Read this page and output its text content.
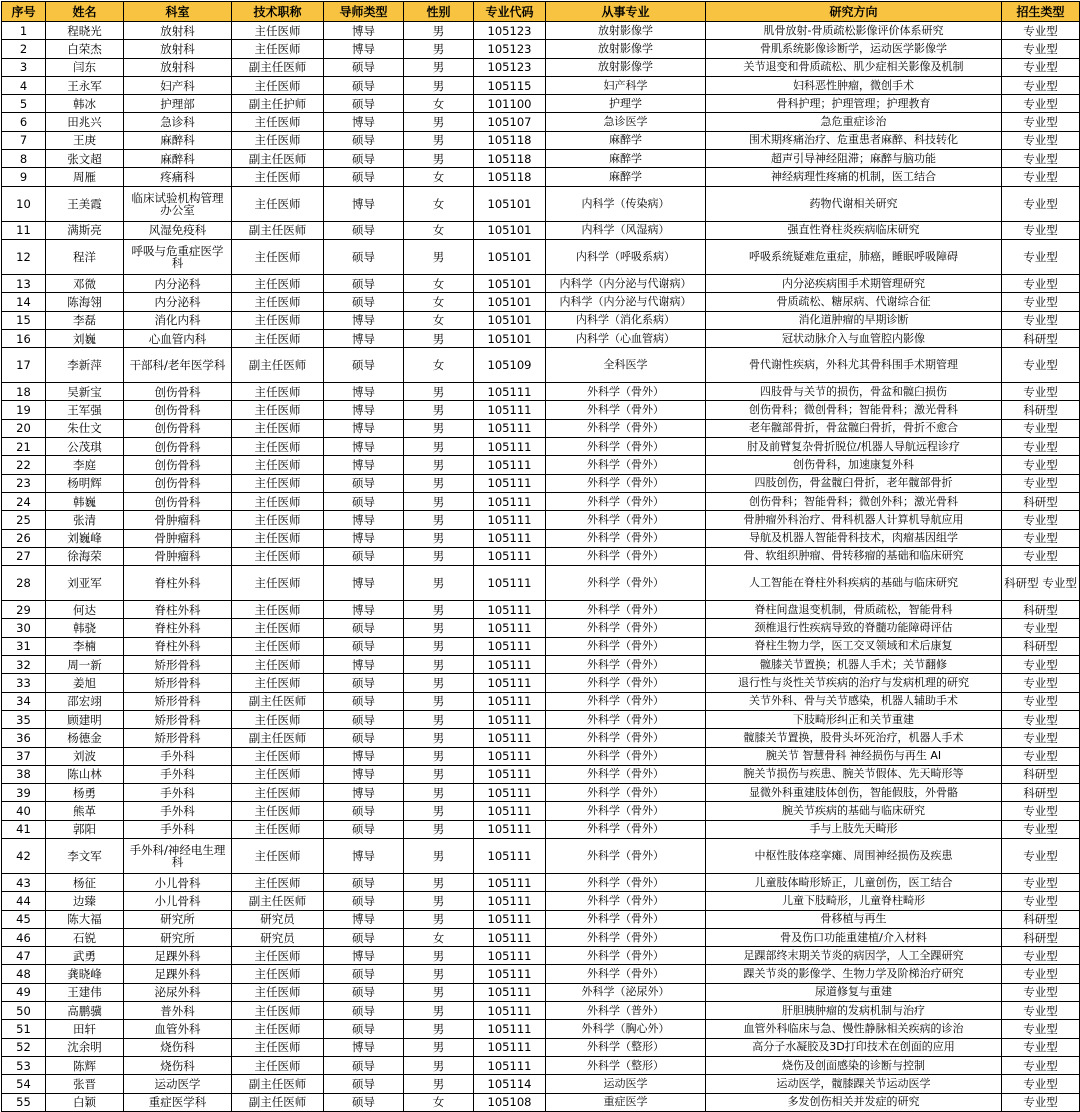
序号	姓名	科室	技术职称	导师类型	性别	专业代码	从事专业	研究方向	招生类型
1	程晓光	放射科	主任医师	博导	男	105123	放射影像学	肌骨放射-骨质疏松影像评价体系研究	专业型
2	白荣杰	放射科	主任医师	博导	男	105123	放射影像学	骨肌系统影像诊断学，运动医学影像学	专业型
3	闫东	放射科	副主任医师	硕导	男	105123	放射影像学	关节退变和骨质疏松、肌少症相关影像及机制	专业型
4	王永军	妇产科	主任医师	硕导	男	105115	妇产科学	妇科恶性肿瘤，微创手术	专业型
5	韩冰	护理部	副主任护师	硕导	女	101100	护理学	骨科护理；护理管理；护理教育	专业型
6	田兆兴	急诊科	主任医师	博导	男	105107	急诊医学	急危重症诊治	专业型
7	王庚	麻醉科	主任医师	硕导	男	105118	麻醉学	围术期疼痛治疗、危重患者麻醉、科技转化	专业型
8	张文超	麻醉科	副主任医师	硕导	男	105118	麻醉学	超声引导神经阻滞；麻醉与脑功能	专业型
9	周雁	疼痛科	主任医师	硕导	女	105118	麻醉学	神经病理性疼痛的机制，医工结合	专业型
10	王美霞	临床试验机构管理办公室	主任医师	博导	女	105101	内科学（传染病）	药物代谢相关研究	专业型
11	满斯亮	风湿免疫科	副主任医师	硕导	女	105101	内科学（风湿病）	强直性脊柱炎疾病临床研究	专业型
12	程洋	呼吸与危重症医学科	主任医师	硕导	男	105101	内科学（呼吸系病）	呼吸系统疑难危重症，肺癌，睡眠呼吸障碍	专业型
13	邓微	内分泌科	主任医师	硕导	女	105101	内科学（内分泌与代谢病）	内分泌疾病围手术期管理研究	专业型
14	陈海翎	内分泌科	主任医师	硕导	女	105101	内科学（内分泌与代谢病）	骨质疏松、糖尿病、代谢综合征	专业型
15	李磊	消化内科	主任医师	博导	女	105101	内科学（消化系病）	消化道肿瘤的早期诊断	专业型
16	刘巍	心血管内科	主任医师	博导	男	105101	内科学（心血管病）	冠状动脉介入与血管腔内影像	科研型
17	李新萍	干部科/老年医学科	副主任医师	硕导	女	105109	全科医学	骨代谢性疾病，外科尤其骨科围手术期管理	专业型
18	吴新宝	创伤骨科	主任医师	博导	男	105111	外科学（骨外）	四肢骨与关节的损伤，骨盆和髋臼损伤	专业型
19	王军强	创伤骨科	主任医师	博导	男	105111	外科学（骨外）	创伤骨科；微创骨科；智能骨科；激光骨科	科研型
20	朱仕文	创伤骨科	主任医师	博导	男	105111	外科学（骨外）	老年髋部骨折，骨盆髋臼骨折，骨折不愈合	专业型
21	公茂琪	创伤骨科	主任医师	博导	男	105111	外科学（骨外）	肘及前臂复杂骨折脱位/机器人导航远程诊疗	专业型
22	李庭	创伤骨科	主任医师	博导	男	105111	外科学（骨外）	创伤骨科，加速康复外科	专业型
23	杨明辉	创伤骨科	主任医师	硕导	男	105111	外科学（骨外）	四肢创伤，骨盆髋臼骨折，老年髋部骨折	专业型
24	韩巍	创伤骨科	主任医师	硕导	男	105111	外科学（骨外）	创伤骨科；智能骨科；微创外科；激光骨科	科研型
25	张清	骨肿瘤科	主任医师	博导	男	105111	外科学（骨外）	骨肿瘤外科治疗、骨科机器人计算机导航应用	专业型
26	刘巍峰	骨肿瘤科	主任医师	博导	男	105111	外科学（骨外）	导航及机器人智能骨科技术，肉瘤基因组学	专业型
27	徐海荣	骨肿瘤科	主任医师	硕导	男	105111	外科学（骨外）	骨、软组织肿瘤、骨转移瘤的基础和临床研究	专业型
28	刘亚军	脊柱外科	主任医师	博导	男	105111	外科学（骨外）	人工智能在脊柱外科疾病的基础与临床研究	科研型 专业型
29	何达	脊柱外科	主任医师	博导	男	105111	外科学（骨外）	脊柱间盘退变机制，骨质疏松，智能骨科	科研型
30	韩骁	脊柱外科	主任医师	硕导	男	105111	外科学（骨外）	颈椎退行性疾病导致的脊髓功能障碍评估	专业型
31	李楠	脊柱外科	主任医师	硕导	男	105111	外科学（骨外）	脊柱生物力学，医工交叉领域和术后康复	科研型
32	周一新	矫形骨科	主任医师	博导	男	105111	外科学（骨外）	髋膝关节置换；机器人手术；关节翻修	专业型
33	姜旭	矫形骨科	主任医师	硕导	男	105111	外科学（骨外）	退行性与炎性关节疾病的治疗与发病机理的研究	专业型
34	邵宏翊	矫形骨科	副主任医师	硕导	男	105111	外科学（骨外）	关节外科、骨与关节感染，机器人辅助手术	专业型
35	顾建明	矫形骨科	主任医师	硕导	男	105111	外科学（骨外）	下肢畸形纠正和关节重建	专业型
36	杨德金	矫形骨科	副主任医师	硕导	男	105111	外科学（骨外）	髋膝关节置换，股骨头坏死治疗，机器人手术	专业型
37	刘波	手外科	主任医师	博导	男	105111	外科学（骨外）	腕关节 智慧骨科 神经损伤与再生 AI	专业型
38	陈山林	手外科	主任医师	博导	男	105111	外科学（骨外）	腕关节损伤与疾患、腕关节假体、先天畸形等	科研型
39	杨勇	手外科	主任医师	博导	男	105111	外科学（骨外）	显微外科重建肢体创伤，智能假肢，外骨骼	科研型
40	熊革	手外科	主任医师	硕导	男	105111	外科学（骨外）	腕关节疾病的基础与临床研究	专业型
41	郭阳	手外科	主任医师	硕导	男	105111	外科学（骨外）	手与上肢先天畸形	专业型
42	李文军	手外科/神经电生理科	主任医师	博导	男	105111	外科学（骨外）	中枢性肢体痉挛瘫、周围神经损伤及疾患	专业型
43	杨征	小儿骨科	主任医师	硕导	男	105111	外科学（骨外）	儿童肢体畸形矫正，儿童创伤，医工结合	专业型
44	边臻	小儿骨科	副主任医师	硕导	男	105111	外科学（骨外）	儿童下肢畸形，儿童脊柱畸形	专业型
45	陈大福	研究所	研究员	博导	男	105111	外科学（骨外）	骨移植与再生	科研型
46	石锐	研究所	研究员	硕导	女	105111	外科学（骨外）	骨及伤口功能重建植/介入材料	科研型
47	武勇	足踝外科	主任医师	博导	男	105111	外科学（骨外）	足踝部终末期关节炎的病因学，人工全踝研究	专业型
48	龚晓峰	足踝外科	主任医师	硕导	男	105111	外科学（骨外）	踝关节炎的影像学、生物力学及阶梯治疗研究	专业型
49	王建伟	泌尿外科	主任医师	硕导	男	105111	外科学（泌尿外）	尿道修复与重建	专业型
50	高鹏骥	普外科	主任医师	硕导	男	105111	外科学（普外）	肝胆胰肿瘤的发病机制与治疗	专业型
51	田轩	血管外科	主任医师	硕导	男	105111	外科学（胸心外）	血管外科临床与急、慢性静脉相关疾病的诊治	专业型
52	沈余明	烧伤科	主任医师	博导	男	105111	外科学（整形）	高分子水凝胶及3D打印技术在创面的应用	专业型
53	陈辉	烧伤科	主任医师	硕导	男	105111	外科学（整形）	烧伤及创面感染的诊断与控制	专业型
54	张晋	运动医学	副主任医师	硕导	男	105114	运动医学	运动医学，髋膝踝关节运动医学	专业型
55	白颖	重症医学科	副主任医师	硕导	女	105108	重症医学	多发创伤相关并发症的研究	专业型
